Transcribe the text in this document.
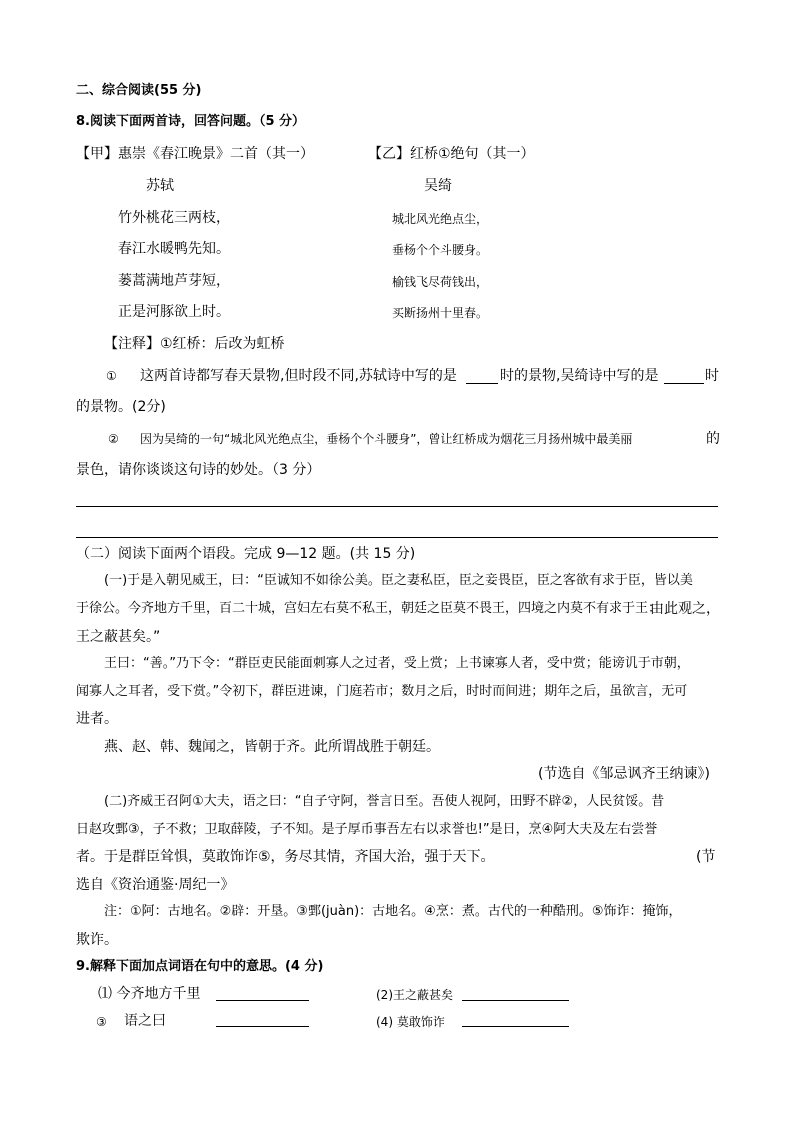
二、综合阅读(55 分)
8.阅读下面两首诗，回答问题。（5 分）
【甲】惠崇《春江晚景》二首（其一）
苏轼
竹外桃花三两枝，
春江水暖鸭先知。
蒌蒿满地芦芽短，
正是河豚欲上时。
【乙】红桥①绝句（其一）
吴绮
城北风光绝点尘，
垂杨个个斗腰身。
榆钱飞尽荷钱出，
买断扬州十里春。
【注释】①红桥：后改为虹桥
① 这两首诗都写春天景物,但时段不同,苏轼诗中写的是	时的景物,吴绮诗中写的是	时
的景物。(2分)
② 因为吴绮的一句“城北风光绝点尘，垂杨个个斗腰身”，曾让红桥成为烟花三月扬州城中最美丽	的
景色，请你谈谈这句诗的妙处。（3 分）
（二）阅读下面两个语段。完成 9—12 题。(共 15 分)
(一)于是入朝见威王，曰：“臣诚知不如徐公美。臣之妻私臣，臣之妾畏臣，臣之客欲有求于臣，皆以美
于徐公。今齐地方千里，百二十城，宫妇左右莫不私王，朝廷之臣莫不畏王，四境之内莫不有求于王：
由此观之，
王之蔽甚矣。”
王曰：“善。”乃下令：“群臣吏民能面刺寡人之过者，受上赏；上书谏寡人者，受中赏；能谤讥于市朝，
闻寡人之耳者，受下赏。”令初下，群臣进谏，门庭若市；数月之后，时时而间进；期年之后，虽欲言，无可
进者。
燕、赵、韩、魏闻之，皆朝于齐。此所谓战胜于朝廷。
(节选自《邹忌讽齐王纳谏》)
(二)齐威王召阿①大夫，语之曰：“自子守阿，誉言日至。吾使人视阿，田野不辟②，人民贫馁。昔
日赵攻鄄③，子不救；卫取薛陵，子不知。是子厚币事吾左右以求誉也!”是日，烹④阿大夫及左右尝誉
者。于是群臣耸惧，莫敢饰诈⑤，务尽其情，齐国大治，强于天下。	(节
选自《资治通鉴·周纪一》
注：①阿：古地名。②辟：开垦。③鄄(juàn)：古地名。④烹：煮。古代的一种酷刑。⑤饰诈：掩饰，
欺诈。
9.解释下面加点词语在句中的意思。(4 分)
⑴ 今齐地方千里	(2)王之蔽甚矣
③ 语之曰	(4) 莫敢饰诈
